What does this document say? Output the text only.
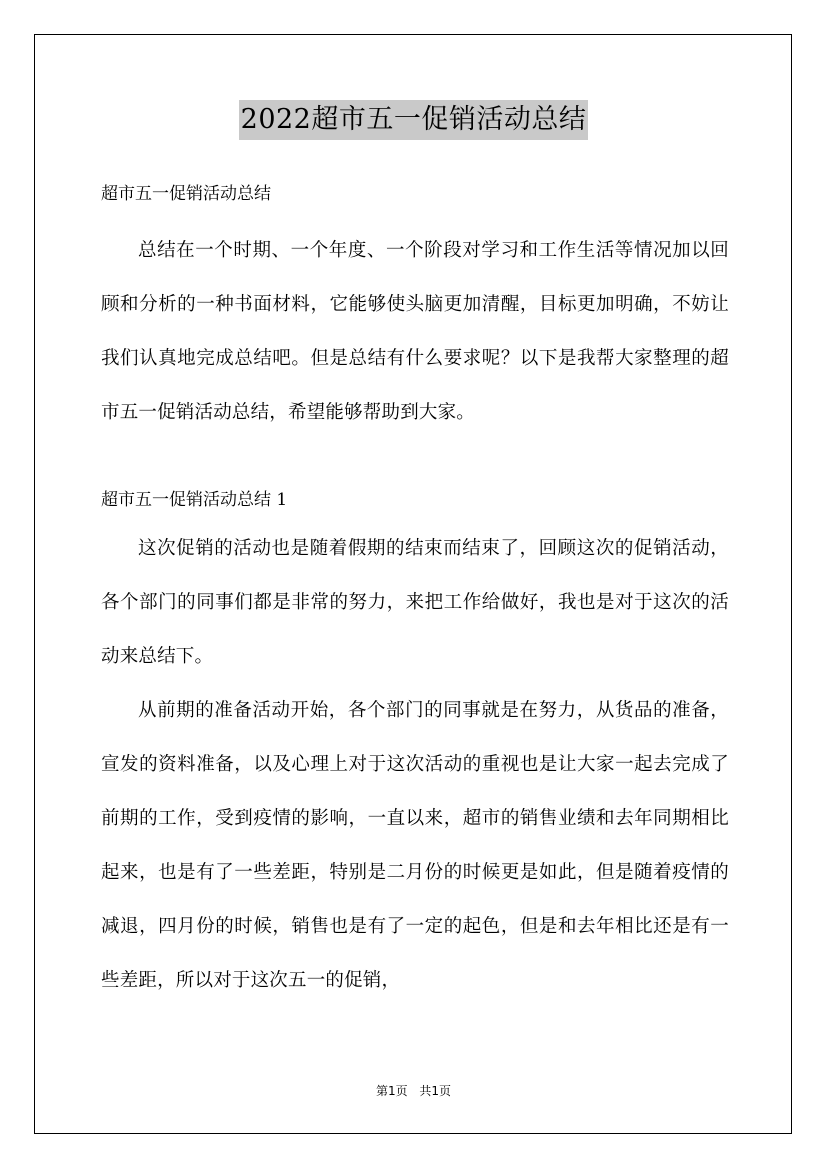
2022超市五一促销活动总结

超市五一促销活动总结

总结在一个时期、一个年度、一个阶段对学习和工作生活等情况加以回顾和分析的一种书面材料，它能够使头脑更加清醒，目标更加明确，不妨让我们认真地完成总结吧。但是总结有什么要求呢？以下是我帮大家整理的超市五一促销活动总结，希望能够帮助到大家。

超市五一促销活动总结 1

这次促销的活动也是随着假期的结束而结束了，回顾这次的促销活动，各个部门的同事们都是非常的努力，来把工作给做好，我也是对于这次的活动来总结下。

从前期的准备活动开始，各个部门的同事就是在努力，从货品的准备，宣发的资料准备，以及心理上对于这次活动的重视也是让大家一起去完成了前期的工作，受到疫情的影响，一直以来，超市的销售业绩和去年同期相比起来，也是有了一些差距，特别是二月份的时候更是如此，但是随着疫情的减退，四月份的时候，销售也是有了一定的起色，但是和去年相比还是有一些差距，所以对于这次五一的促销，

第1页 共1页
